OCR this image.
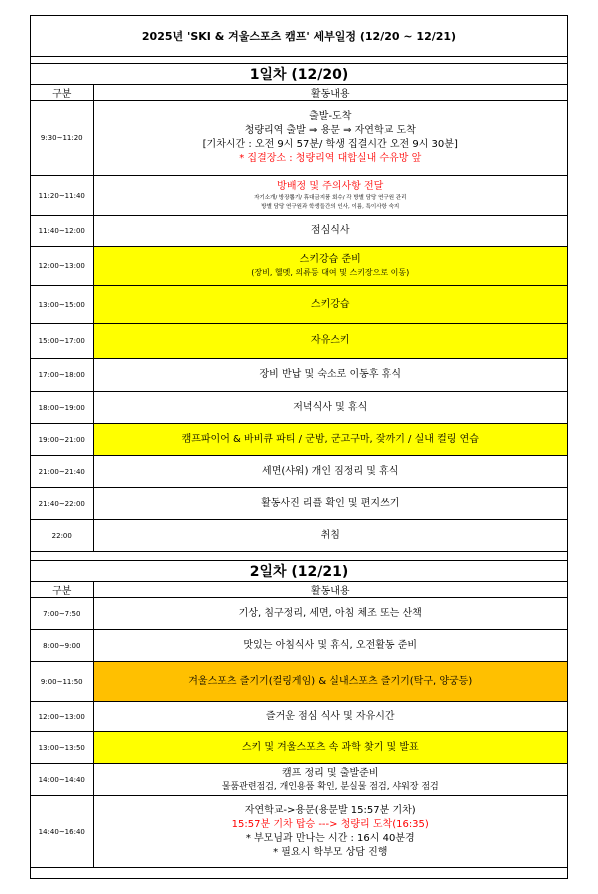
2025년 'SKI & 겨울스포츠 캠프' 세부일정 (12/20 ~ 12/21)	

1일차 (12/20)	
구분	활동내용
9:30~11:20	출발-도착
청량리역 출발 ⇒ 용문 ⇒ 자연학교 도착
[기차시간 : 오전 9시 57분/ 학생 집결시간 오전 9시 30분]
* 집결장소 : 청량리역 대합실내 수유방 앞

11:20~11:40	방배정 및 주의사항 전달
자기소개/ 방장뽑기/ 휴대금지품 회수/ 각 방별 담당 연구원 관리
방별 담당 연구원과 학생들간의 인사, 이름, 특이사항 숙지

11:40~12:00	점심식사
12:00~13:00	스키강습 준비
(장비, 헬멧, 의류등 대여 및 스키장으로 이동)

13:00~15:00	스키강습
15:00~17:00	자유스키
17:00~18:00	장비 반납 및 숙소로 이동후 휴식
18:00~19:00	저녁식사 및 휴식
19:00~21:00	캠프파이어 & 바비큐 파티 / 군밤, 군고구마, 잦까기 / 실내 컬링 연습
21:00~21:40	세면(샤워) 개인 짐정리 및 휴식
21:40~22:00	활동사진 리플 확인 및 편지쓰기
22:00	취침

2일차 (12/21)	
구분	활동내용
7:00~7:50	기상, 침구정리, 세면, 아침 체조 또는 산책
8:00~9:00	맛있는 아침식사 및 휴식, 오전활동 준비
9:00~11:50	겨울스포츠 즐기기(컬링게임) & 실내스포츠 즐기기(탁구, 양궁등)
12:00~13:00	즐거운 점심 식사 및 자유시간
13:00~13:50	스키 및 겨울스포츠 속 과학 찾기 및 발표
14:00~14:40	캠프 정리 및 출발준비
물품관련점검, 개인용품 확인, 분실물 점검, 샤워장 점검

14:40~16:40	자연학교->용문(용문발 15:57분 기차)
15:57분 기차 탑승 ---> 청량리 도착(16:35)
* 부모님과 만나는 시간 : 16시 40분경
* 필요시 학부모 상담 진행
